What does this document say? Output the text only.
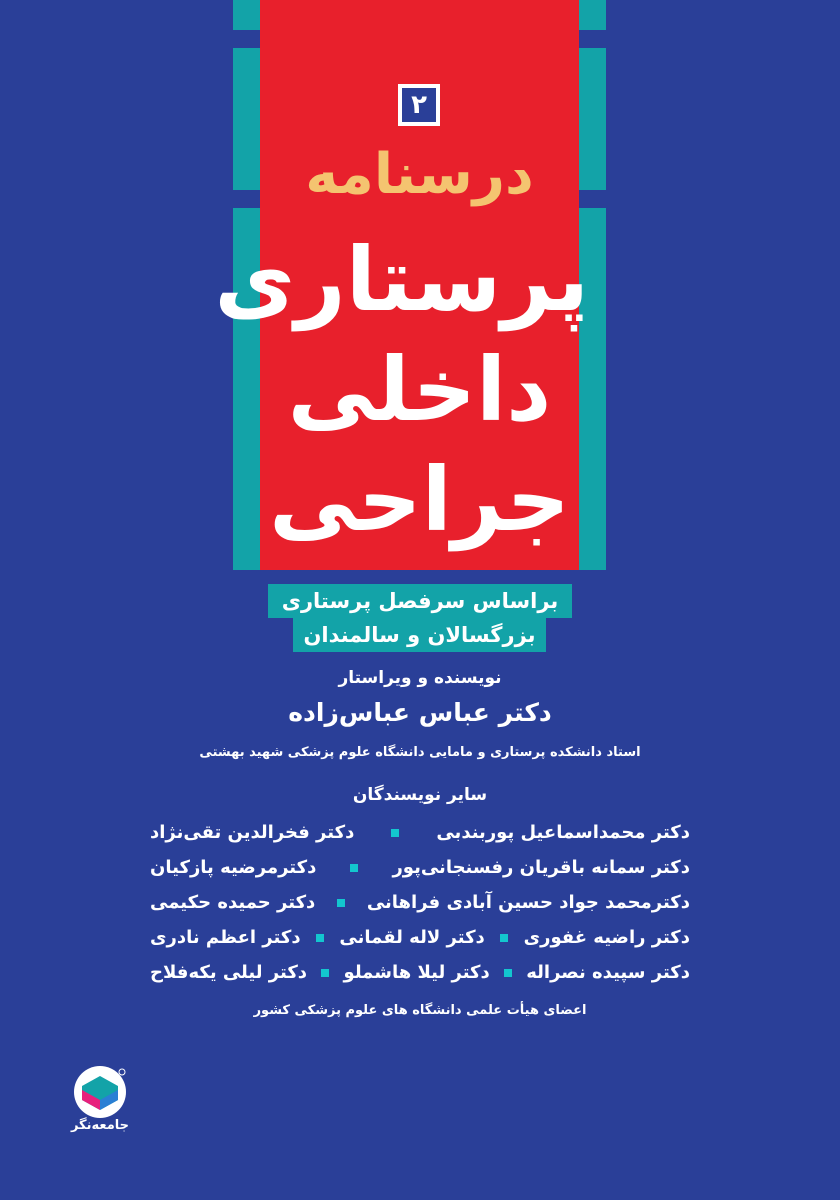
۲
درسنامه
پرستاری
داخلی
جراحی
براساس سرفصل پرستاری
بزرگسالان و سالمندان
نویسنده و ویراستار
دکتر عباس عباس‌زاده
استاد دانشکده پرستاری و مامایی دانشگاه علوم پزشکی شهید بهشتی
سایر نویسندگان
دکتر محمداسماعیل پوربندبی
دکتر فخرالدین تقی‌نژاد
دکتر سمانه باقریان رفسنجانی‌پور
دکترمرضیه پازکیان
دکترمحمد جواد حسین آبادی فراهانی
دکتر حمیده حکیمی
دکتر راضیه غفوری
دکتر لاله لقمانی
دکتر اعظم نادری
دکتر سپیده نصراله
دکتر لیلا هاشملو
دکتر لیلی یکه‌فلاح
اعضای هیأت علمی دانشگاه های علوم پزشکی کشور
جامعه‌نگر
